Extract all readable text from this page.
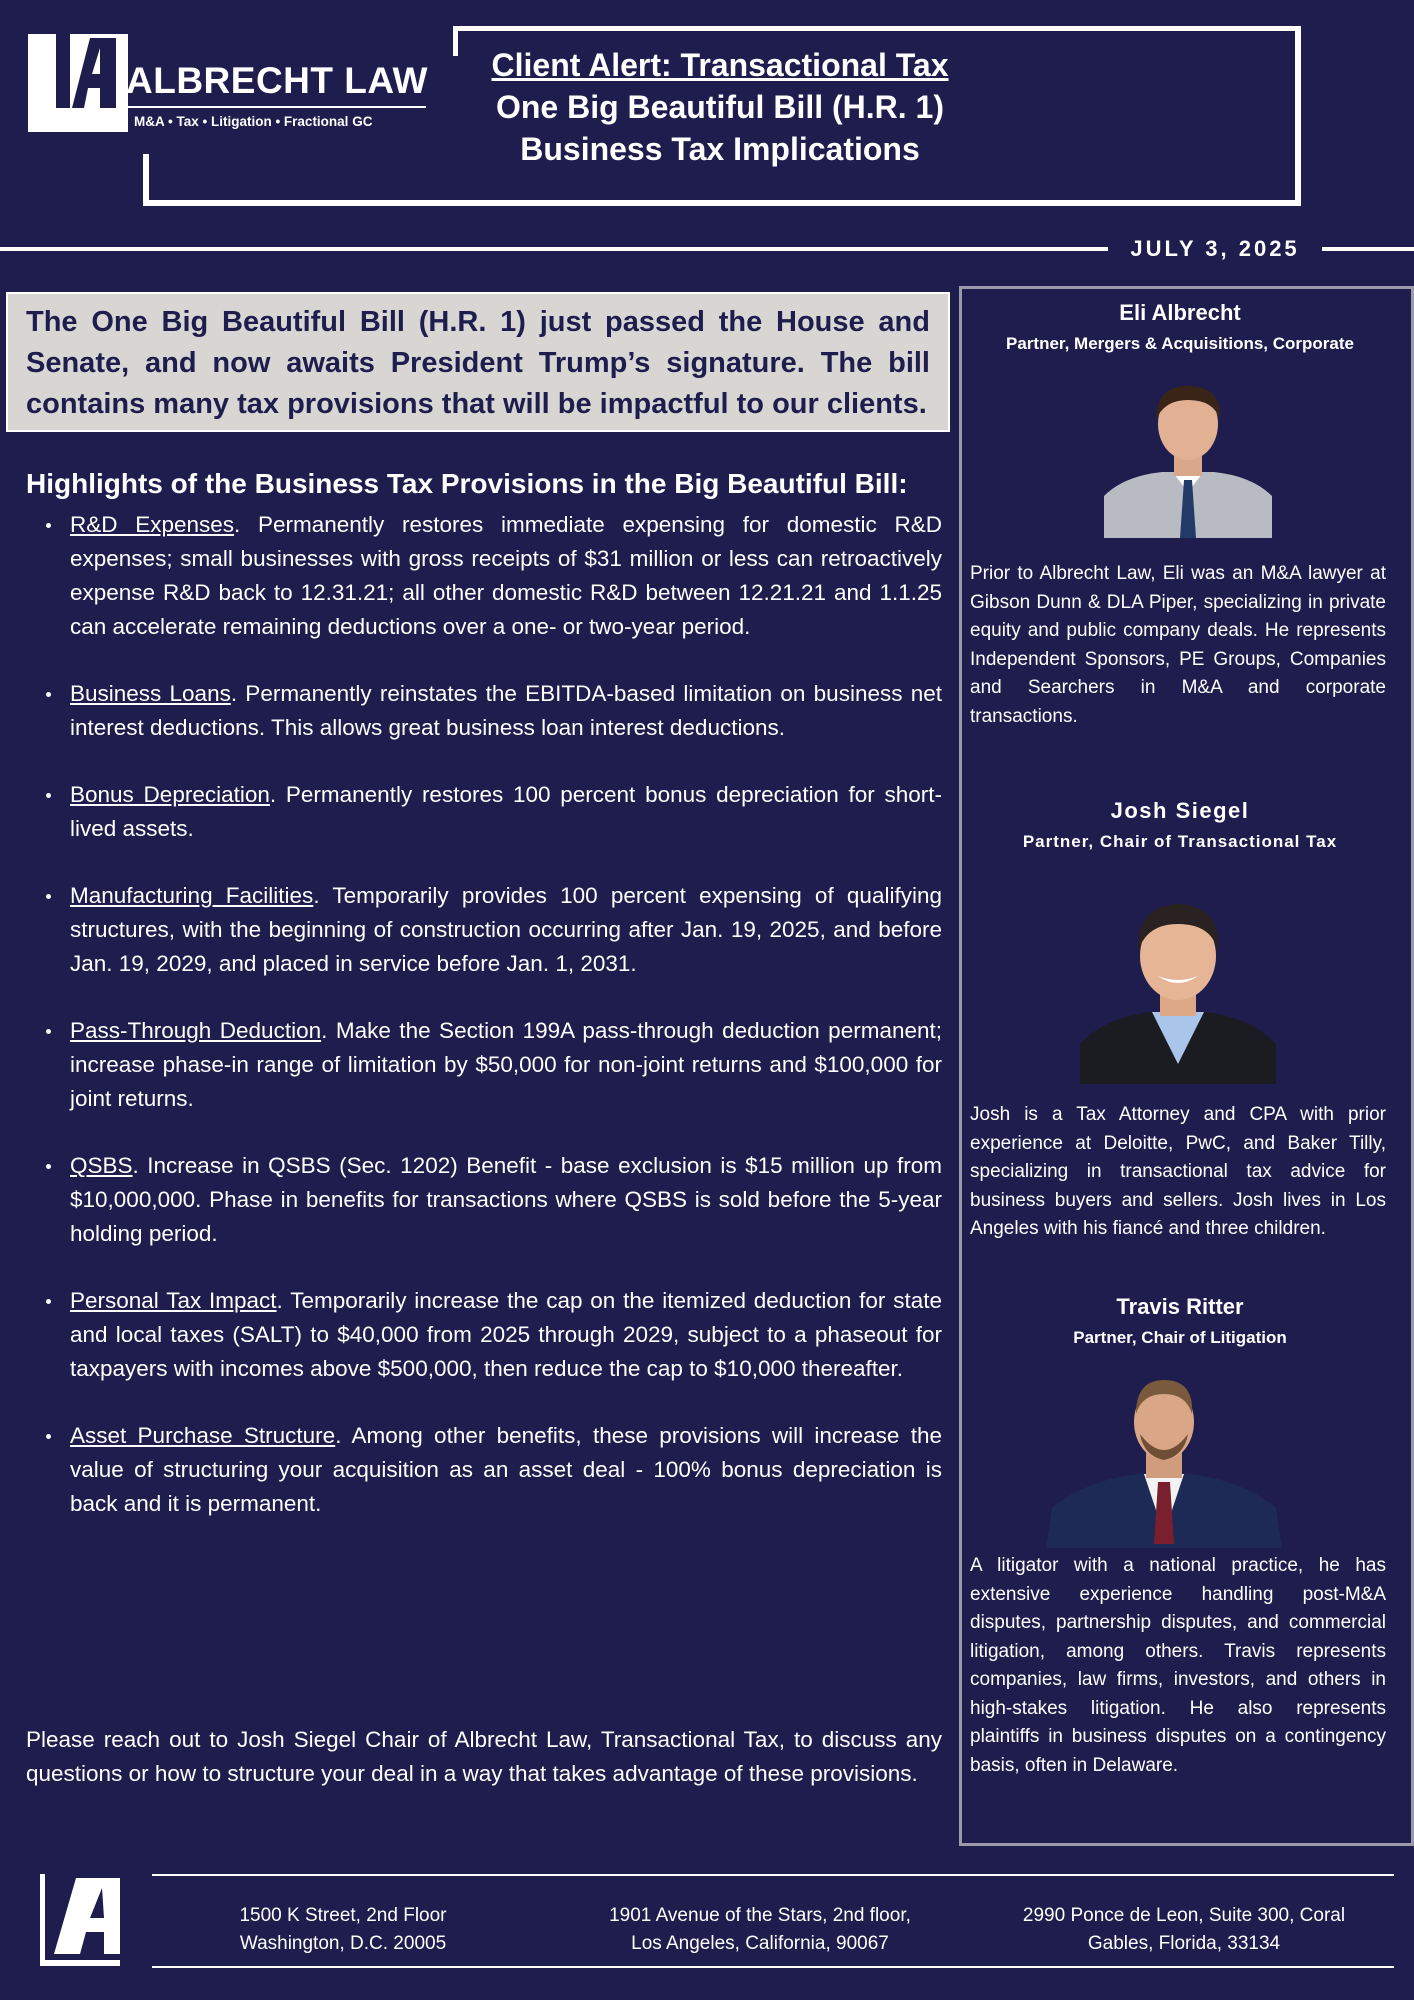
ALBRECHT LAW
M&A • Tax • Litigation • Fractional GC
Client Alert: Transactional Tax
One Big Beautiful Bill (H.R. 1)
Business Tax Implications
JULY 3, 2025
The One Big Beautiful Bill (H.R. 1) just passed the House and Senate, and now awaits President Trump’s signature. The bill contains many tax provisions that will be impactful to our clients.
Highlights of the Business Tax Provisions in the Big Beautiful Bill:
R&D Expenses. Permanently restores immediate expensing for domestic R&D expenses; small businesses with gross receipts of $31 million or less can retroactively expense R&D back to 12.31.21; all other domestic R&D between 12.21.21 and 1.1.25 can accelerate remaining deductions over a one- or two-year period.
Business Loans. Permanently reinstates the EBITDA-based limitation on business net interest deductions. This allows great business loan interest deductions.
Bonus Depreciation. Permanently restores 100 percent bonus depreciation for short-lived assets.
Manufacturing Facilities. Temporarily provides 100 percent expensing of qualifying structures, with the beginning of construction occurring after Jan. 19, 2025, and before Jan. 19, 2029, and placed in service before Jan. 1, 2031.
Pass-Through Deduction. Make the Section 199A pass-through deduction permanent; increase phase-in range of limitation by $50,000 for non-joint returns and $100,000 for joint returns.
QSBS. Increase in QSBS (Sec. 1202) Benefit - base exclusion is $15 million up from $10,000,000. Phase in benefits for transactions where QSBS is sold before the 5-year holding period.
Personal Tax Impact. Temporarily increase the cap on the itemized deduction for state and local taxes (SALT) to $40,000 from 2025 through 2029, subject to a phaseout for taxpayers with incomes above $500,000, then reduce the cap to $10,000 thereafter.
Asset Purchase Structure. Among other benefits, these provisions will increase the value of structuring your acquisition as an asset deal - 100% bonus depreciation is back and it is permanent.
Please reach out to Josh Siegel Chair of Albrecht Law, Transactional Tax, to discuss any questions or how to structure your deal in a way that takes advantage of these provisions.
Eli Albrecht
Partner, Mergers & Acquisitions, Corporate
Prior to Albrecht Law, Eli was an M&A lawyer at Gibson Dunn & DLA Piper, specializing in private equity and public company deals. He represents Independent Sponsors, PE Groups, Companies and Searchers in M&A and corporate transactions.
Josh Siegel
Partner, Chair of Transactional Tax
Josh is a Tax Attorney and CPA with prior experience at Deloitte, PwC, and Baker Tilly, specializing in transactional tax advice for business buyers and sellers. Josh lives in Los Angeles with his fiancé and three children.
Travis Ritter
Partner, Chair of Litigation
A litigator with a national practice, he has extensive experience handling post-M&A disputes, partnership disputes, and commercial litigation, among others. Travis represents companies, law firms, investors, and others in high-stakes litigation. He also represents plaintiffs in business disputes on a contingency basis, often in Delaware.
1500 K Street, 2nd Floor
Washington, D.C. 20005
1901 Avenue of the Stars, 2nd floor,
Los Angeles, California, 90067
2990 Ponce de Leon, Suite 300, Coral
Gables, Florida, 33134
